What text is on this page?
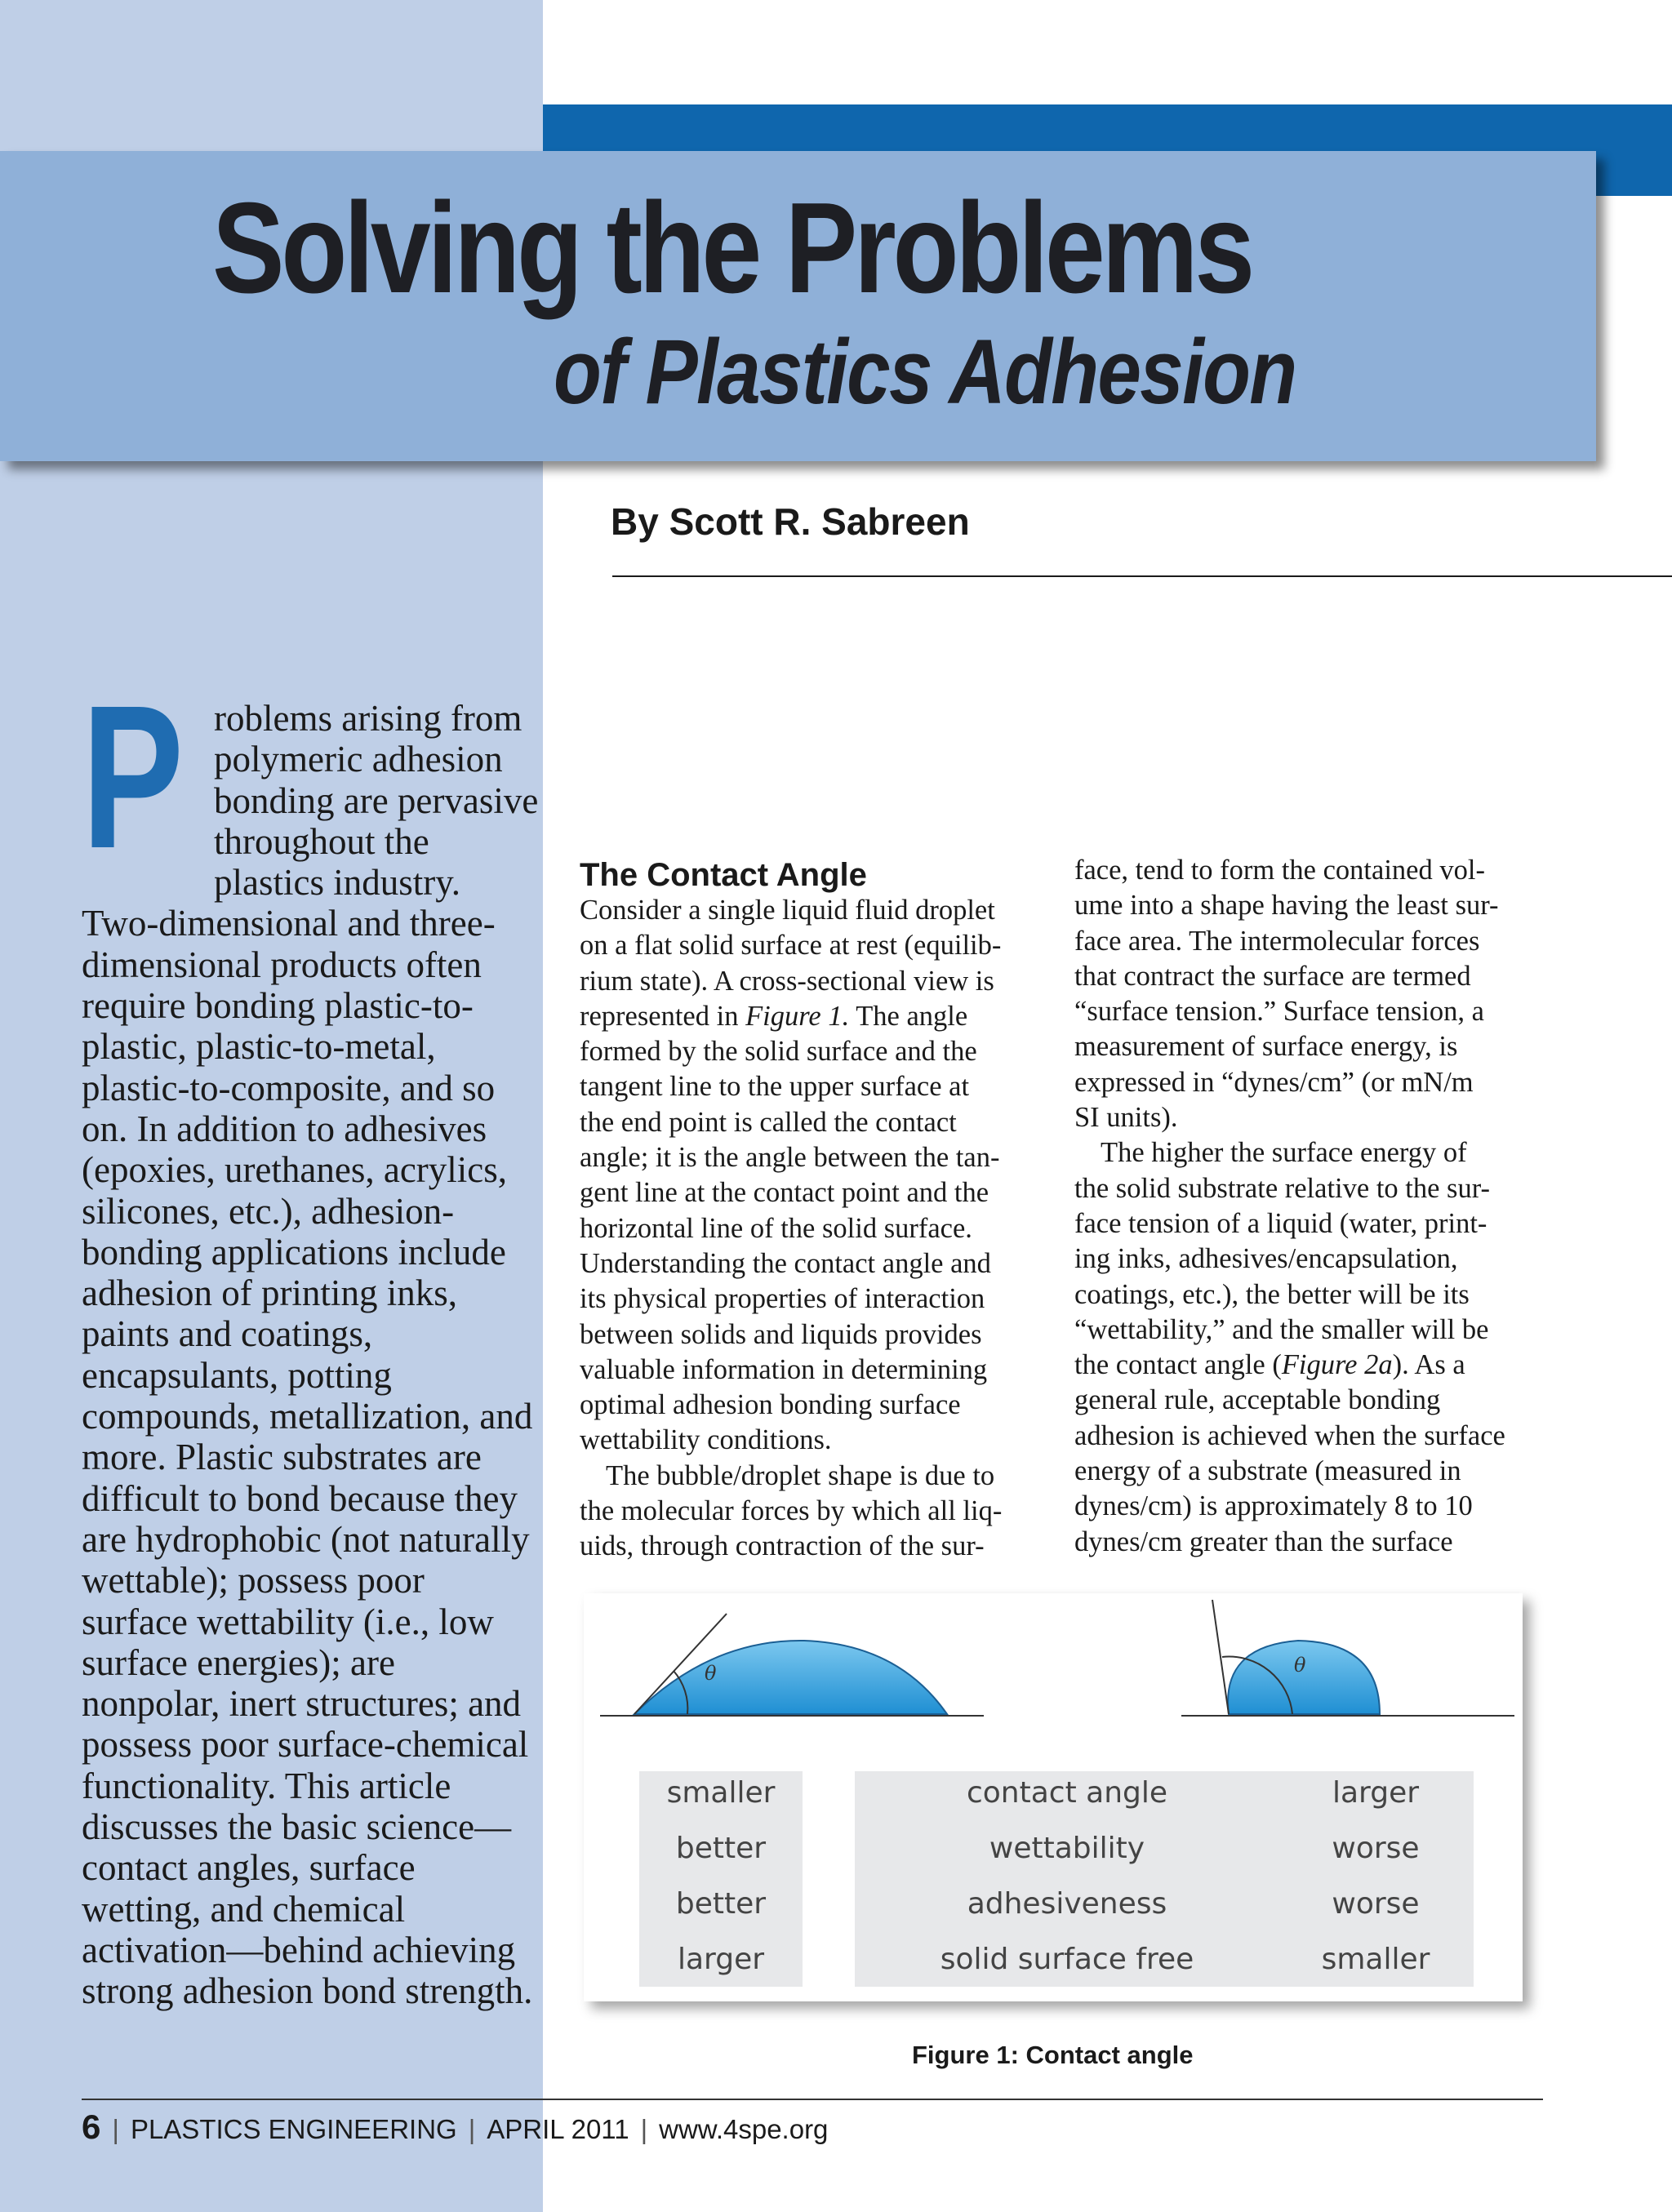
Solving the Problems
of Plastics Adhesion
By Scott R. Sabreen
Problems arising from polymeric adhesion bonding are pervasive throughout the plastics industry. Two-dimensional and three-dimensional products often require bonding plastic-to-plastic, plastic-to-metal, plastic-to-composite, and so on. In addition to adhesives (epoxies, urethanes, acrylics, silicones, etc.), adhesion-bonding applications include adhesion of printing inks, paints and coatings, encapsulants, potting compounds, metallization, and more. Plastic substrates are difficult to bond because they are hydrophobic (not naturally wettable); possess poor surface wettability (i.e., low surface energies); are nonpolar, inert structures; and possess poor surface-chemical functionality. This article discusses the basic science—contact angles, surface wetting, and chemical activation—behind achieving strong adhesion bond strength.
The Contact Angle

Consider a single liquid fluid droplet
on a flat solid surface at rest (equilib-
rium state). A cross-sectional view is
represented in Figure 1. The angle
formed by the solid surface and the
tangent line to the upper surface at
the end point is called the contact
angle; it is the angle between the tan-
gent line at the contact point and the
horizontal line of the solid surface.
Understanding the contact angle and
its physical properties of interaction
between solids and liquids provides
valuable information in determining
optimal adhesion bonding surface
wettability conditions.

The bubble/droplet shape is due to
the molecular forces by which all liq-
uids, through contraction of the sur-

face, tend to form the contained vol-
ume into a shape having the least sur-
face area. The intermolecular forces
that contract the surface are termed
“surface tension.” Surface tension, a
measurement of surface energy, is
expressed in “dynes/cm” (or mN/m
SI units).

The higher the surface energy of
the solid substrate relative to the sur-
face tension of a liquid (water, print-
ing inks, adhesives/encapsulation,
coatings, etc.), the better will be its
“wettability,” and the smaller will be
the contact angle (Figure 2a). As a
general rule, acceptable bonding
adhesion is achieved when the surface
energy of a substrate (measured in
dynes/cm) is approximately 8 to 10
dynes/cm greater than the surface

θ	θ
smaller
better
better
larger
contact angle
wettability
adhesiveness
solid surface free
larger
worse
worse
smaller
Figure 1: Contact angle
6 | PLASTICS ENGINEERING | APRIL 2011 | www.4spe.org
